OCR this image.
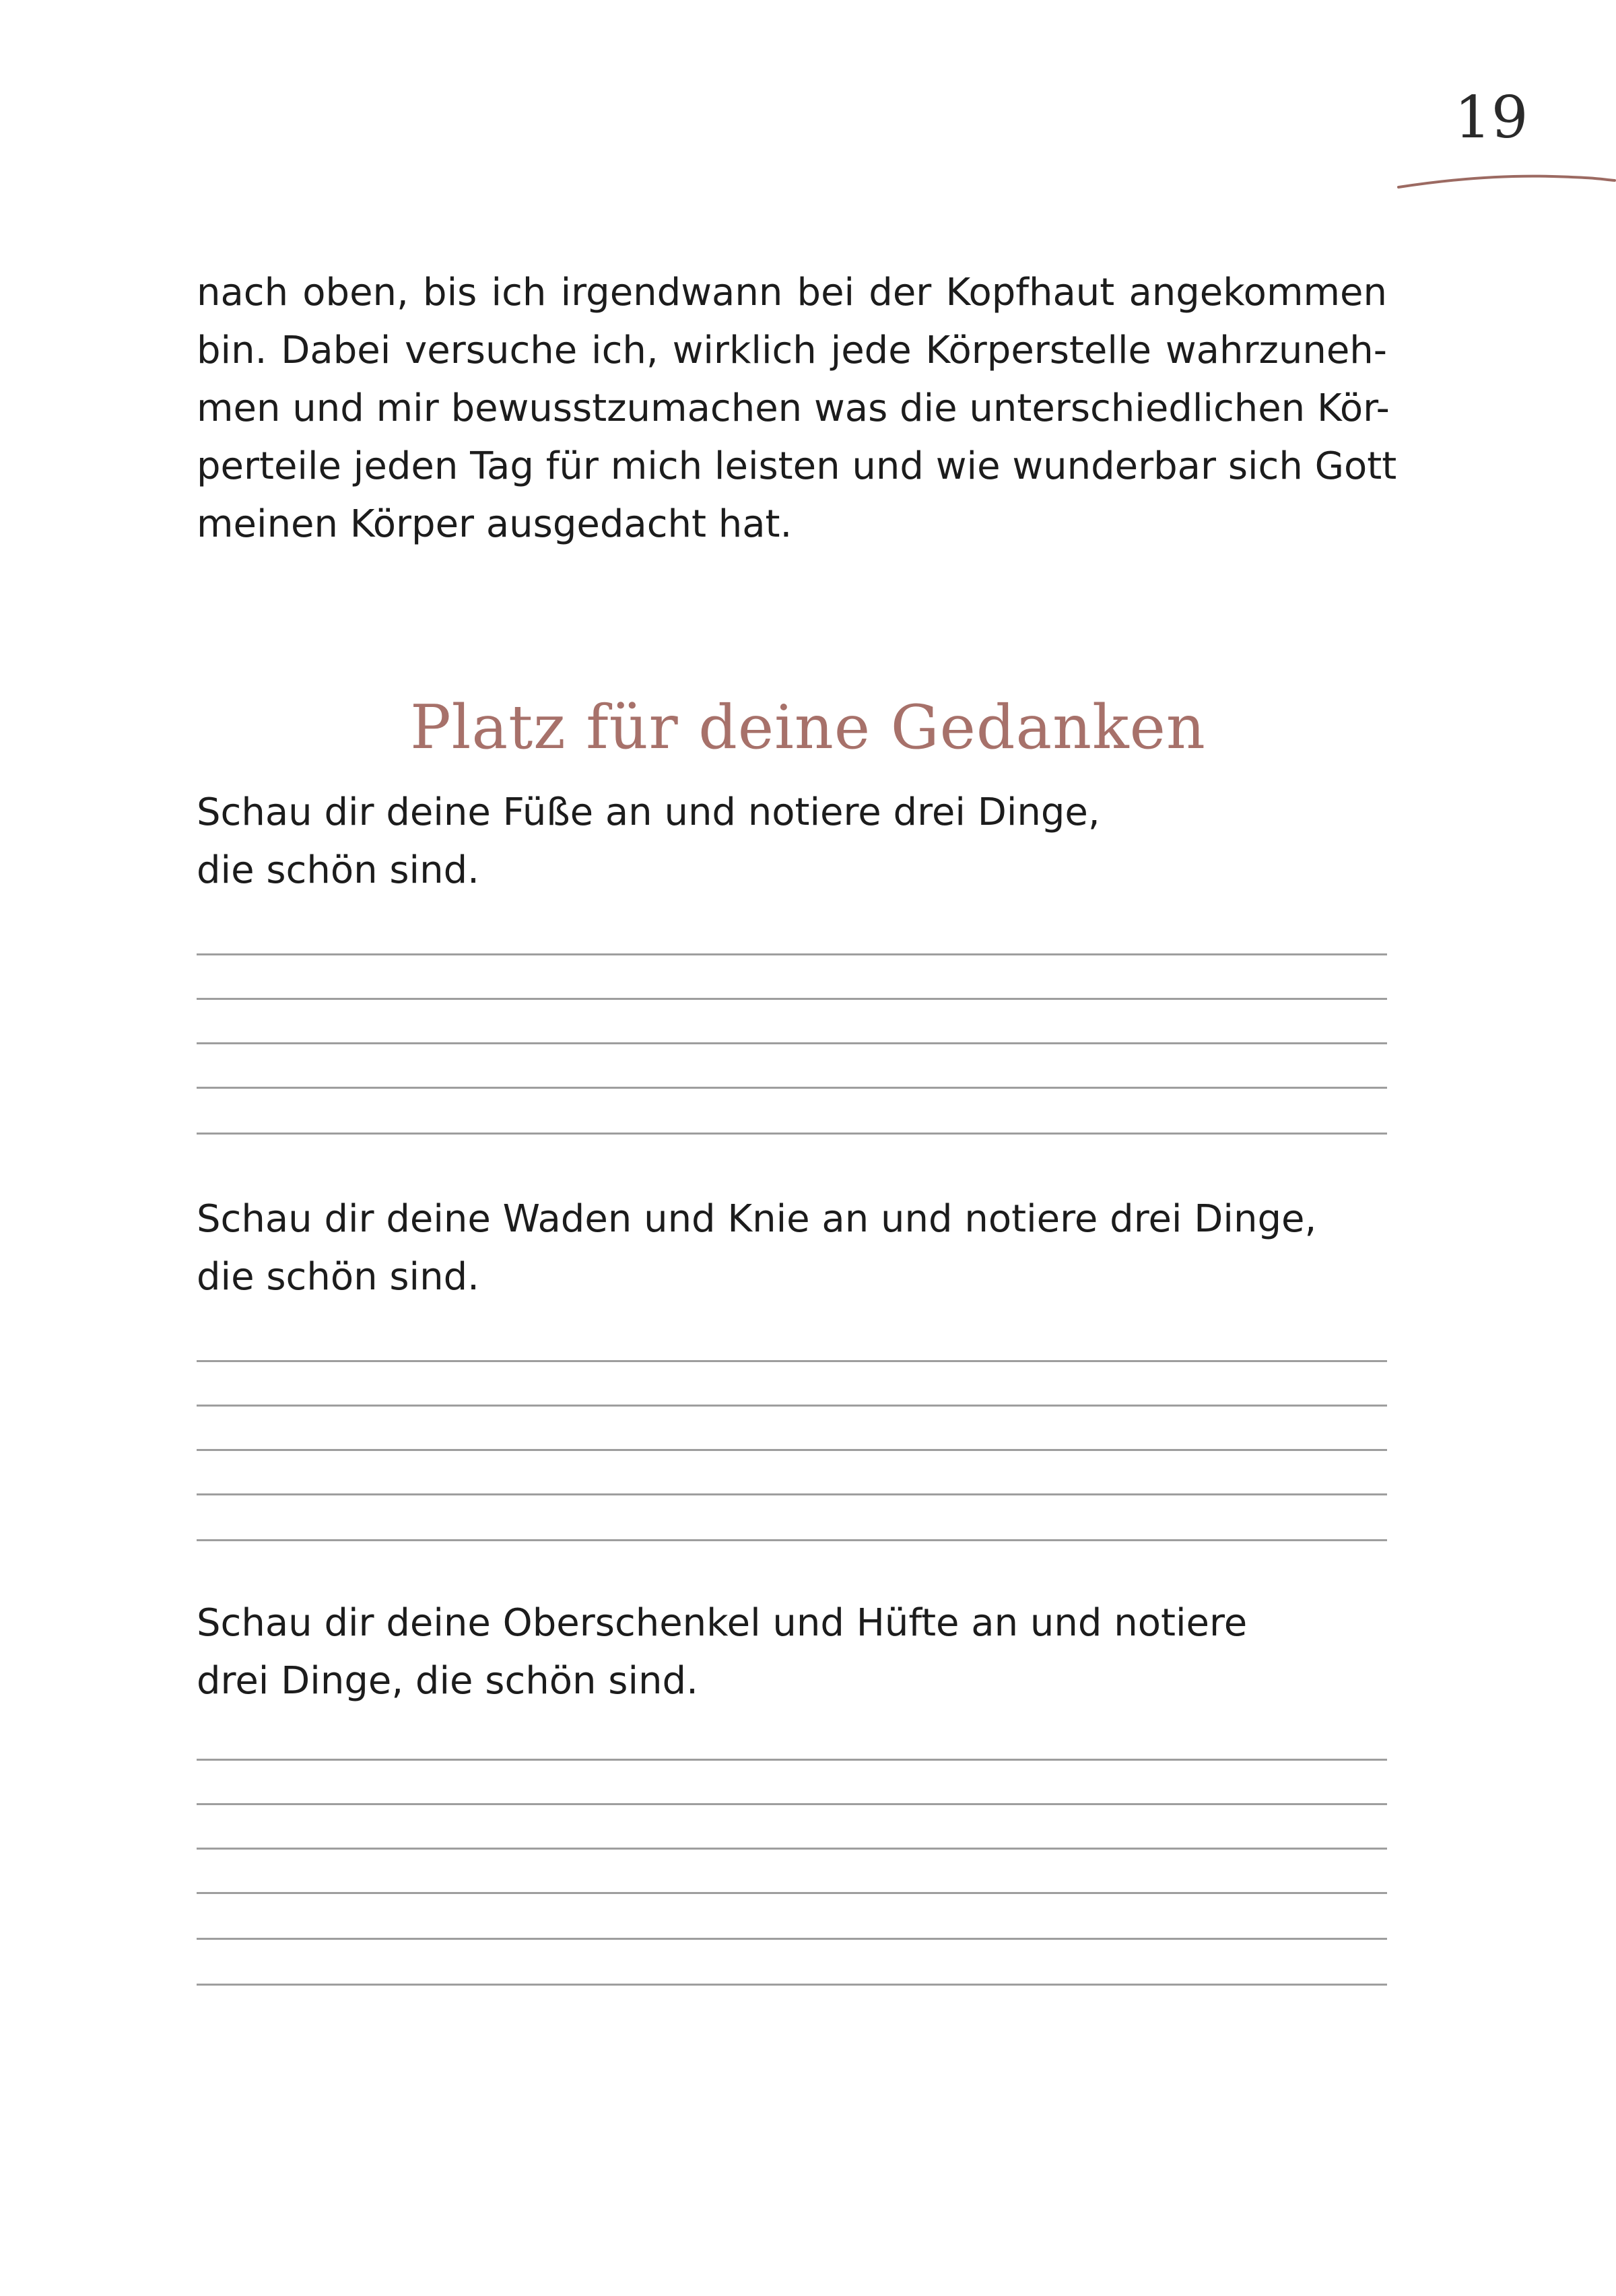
19
nach oben, bis ich irgendwann bei der Kopfhaut angekommen
bin. Dabei versuche ich, wirklich jede Körperstelle wahrzuneh-
men und mir bewusstzumachen was die unterschiedlichen Kör-
perteile jeden Tag für mich leisten und wie wunderbar sich Gott
meinen Körper ausgedacht hat.
Platz für deine Gedanken
Schau dir deine Füße an und notiere drei Dinge,
die schön sind.
Schau dir deine Waden und Knie an und notiere drei Dinge,
die schön sind.
Schau dir deine Oberschenkel und Hüfte an und notiere
drei Dinge, die schön sind.
